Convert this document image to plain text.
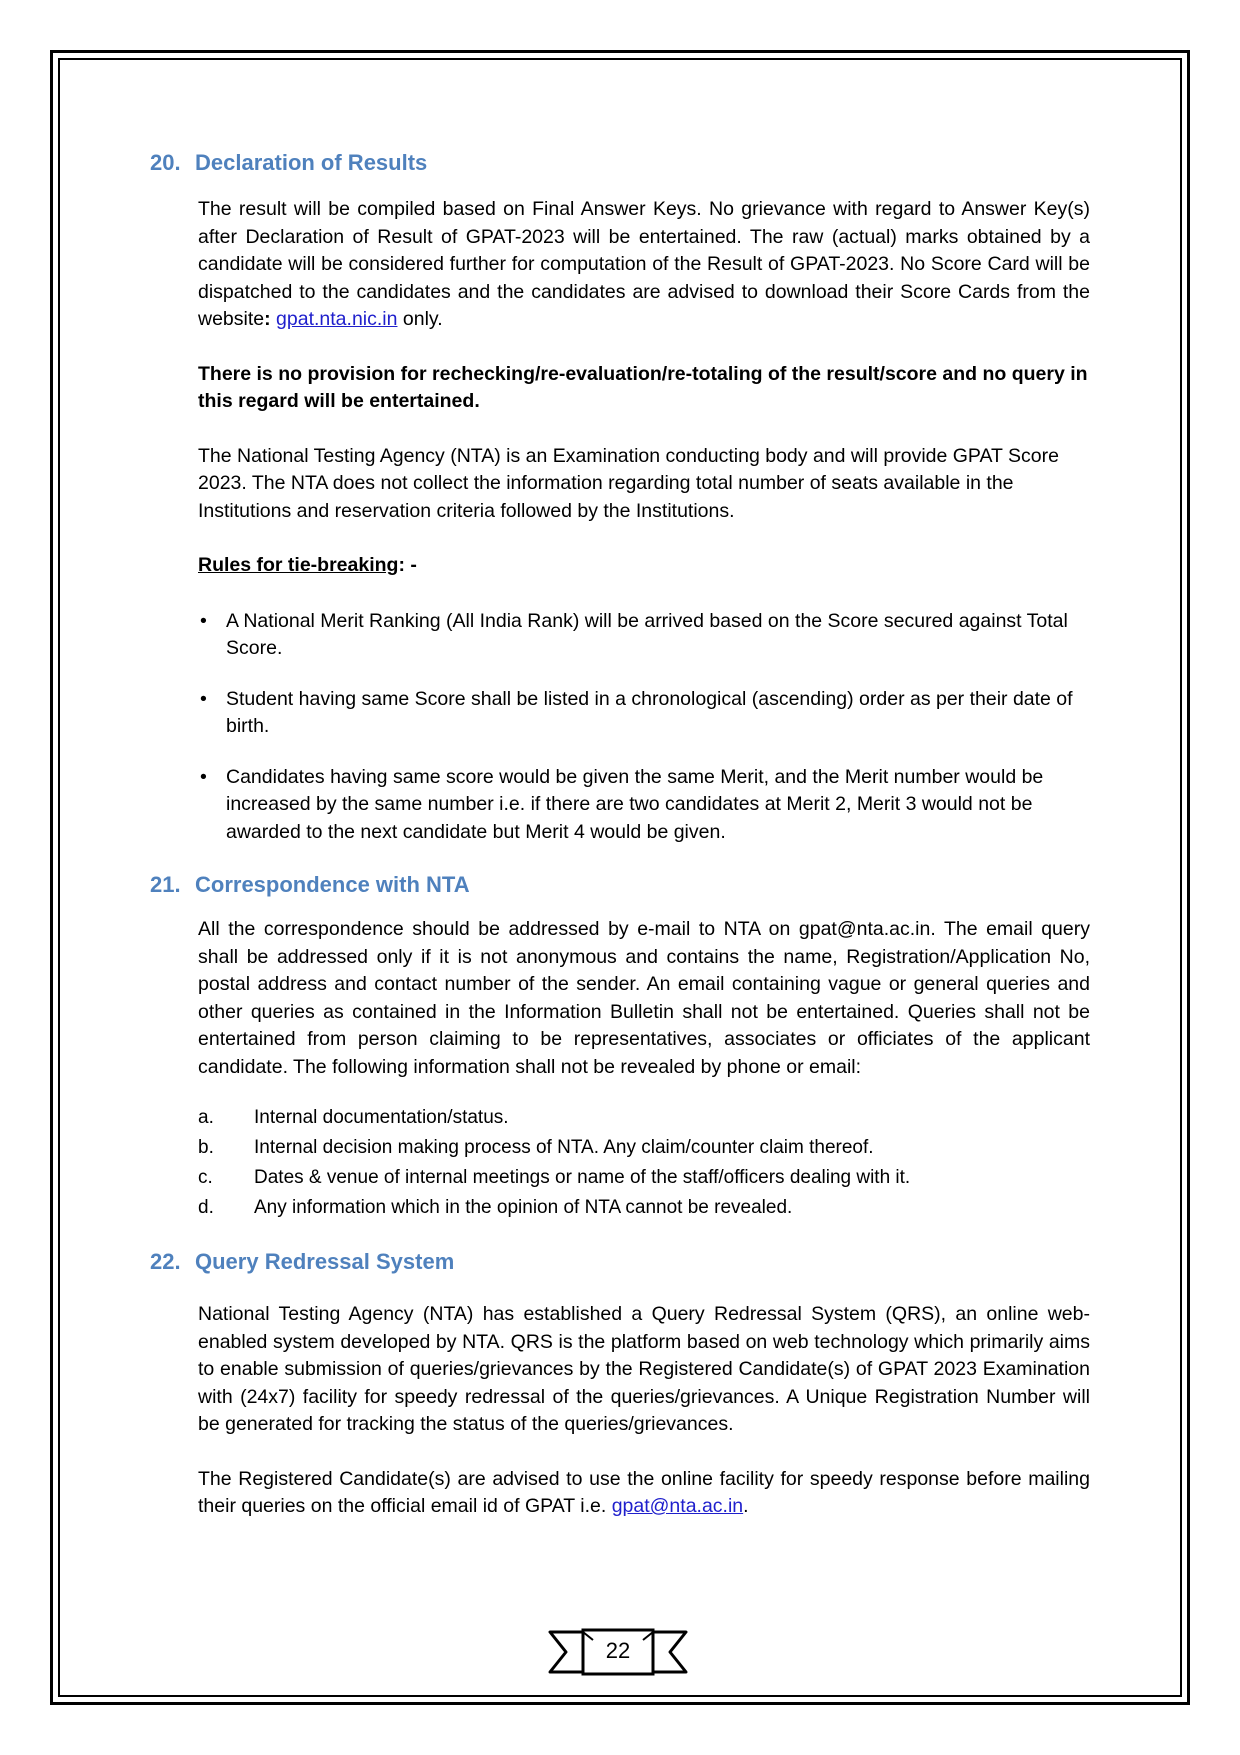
20. Declaration of Results

The result will be compiled based on Final Answer Keys. No grievance with regard to Answer Key(s) after Declaration of Result of GPAT-2023 will be entertained. The raw (actual) marks obtained by a candidate will be considered further for computation of the Result of GPAT-2023. No Score Card will be dispatched to the candidates and the candidates are advised to download their Score Cards from the website: gpat.nta.nic.in only.

There is no provision for rechecking/re-evaluation/re-totaling of the result/score and no query in this regard will be entertained.

The National Testing Agency (NTA) is an Examination conducting body and will provide GPAT Score 2023. The NTA does not collect the information regarding total number of seats available in the Institutions and reservation criteria followed by the Institutions.

Rules for tie-breaking: -

• A National Merit Ranking (All India Rank) will be arrived based on the Score secured against Total Score.
• Student having same Score shall be listed in a chronological (ascending) order as per their date of birth.
• Candidates having same score would be given the same Merit, and the Merit number would be increased by the same number i.e. if there are two candidates at Merit 2, Merit 3 would not be awarded to the next candidate but Merit 4 would be given.
21. Correspondence with NTA

All the correspondence should be addressed by e-mail to NTA on gpat@nta.ac.in. The email query shall be addressed only if it is not anonymous and contains the name, Registration/Application No, postal address and contact number of the sender. An email containing vague or general queries and other queries as contained in the Information Bulletin shall not be entertained. Queries shall not be entertained from person claiming to be representatives, associates or officiates of the applicant candidate. The following information shall not be revealed by phone or email:

a.	Internal documentation/status.
b.	Internal decision making process of NTA. Any claim/counter claim thereof.
c.	Dates & venue of internal meetings or name of the staff/officers dealing with it.
d.	Any information which in the opinion of NTA cannot be revealed.
22. Query Redressal System

National Testing Agency (NTA) has established a Query Redressal System (QRS), an online web-enabled system developed by NTA. QRS is the platform based on web technology which primarily aims to enable submission of queries/grievances by the Registered Candidate(s) of GPAT 2023 Examination with (24x7) facility for speedy redressal of the queries/grievances. A Unique Registration Number will be generated for tracking the status of the queries/grievances.

The Registered Candidate(s) are advised to use the online facility for speedy response before mailing their queries on the official email id of GPAT i.e. gpat@nta.ac.in.

22
